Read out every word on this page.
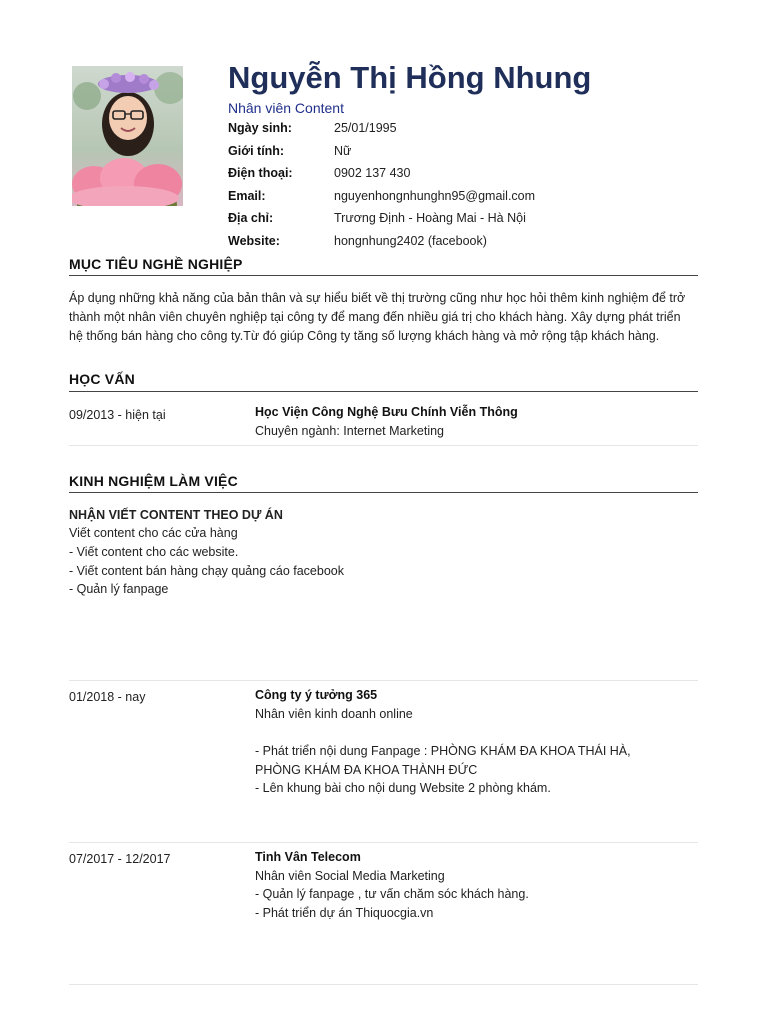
Nguyễn Thị Hồng Nhung
Nhân viên Content
Ngày sinh:	25/01/1995
Giới tính:	Nữ
Điện thoại:	0902 137 430
Email:	nguyenhongnhunghn95@gmail.com
Địa chỉ:	Trương Định - Hoàng Mai - Hà Nội
Website:	hongnhung2402 (facebook)
MỤC TIÊU NGHỀ NGHIỆP
Áp dụng những khả năng của bản thân và sự hiểu biết về thị trường cũng như học hỏi thêm kinh nghiệm để trở
thành một nhân viên chuyên nghiệp tại công ty để mang đến nhiều giá trị cho khách hàng. Xây dựng phát triển
hệ thống bán hàng cho công ty.Từ đó giúp Công ty tăng số lượng khách hàng và mở rộng tập khách hàng.
HỌC VẤN
09/2013 - hiện tại	Học Viện Công Nghệ Bưu Chính Viễn Thông
Chuyên ngành: Internet Marketing
KINH NGHIỆM LÀM VIỆC
NHẬN VIẾT CONTENT THEO DỰ ÁN
Viết content cho các cửa hàng
- Viết content cho các website.
- Viết content bán hàng chạy quảng cáo facebook
- Quản lý fanpage
01/2018 - nay	Công ty ý tưởng 365
Nhân viên kinh doanh online
- Phát triển nội dung Fanpage : PHÒNG KHÁM ĐA KHOA THÁI HÀ,
PHÒNG KHÁM ĐA KHOA THÀNH ĐỨC
- Lên khung bài cho nội dung Website 2 phòng khám.
07/2017 - 12/2017	Tinh Vân Telecom
Nhân viên Social Media Marketing
- Quản lý fanpage , tư vấn chăm sóc khách hàng.
- Phát triển dự án Thiquocgia.vn
